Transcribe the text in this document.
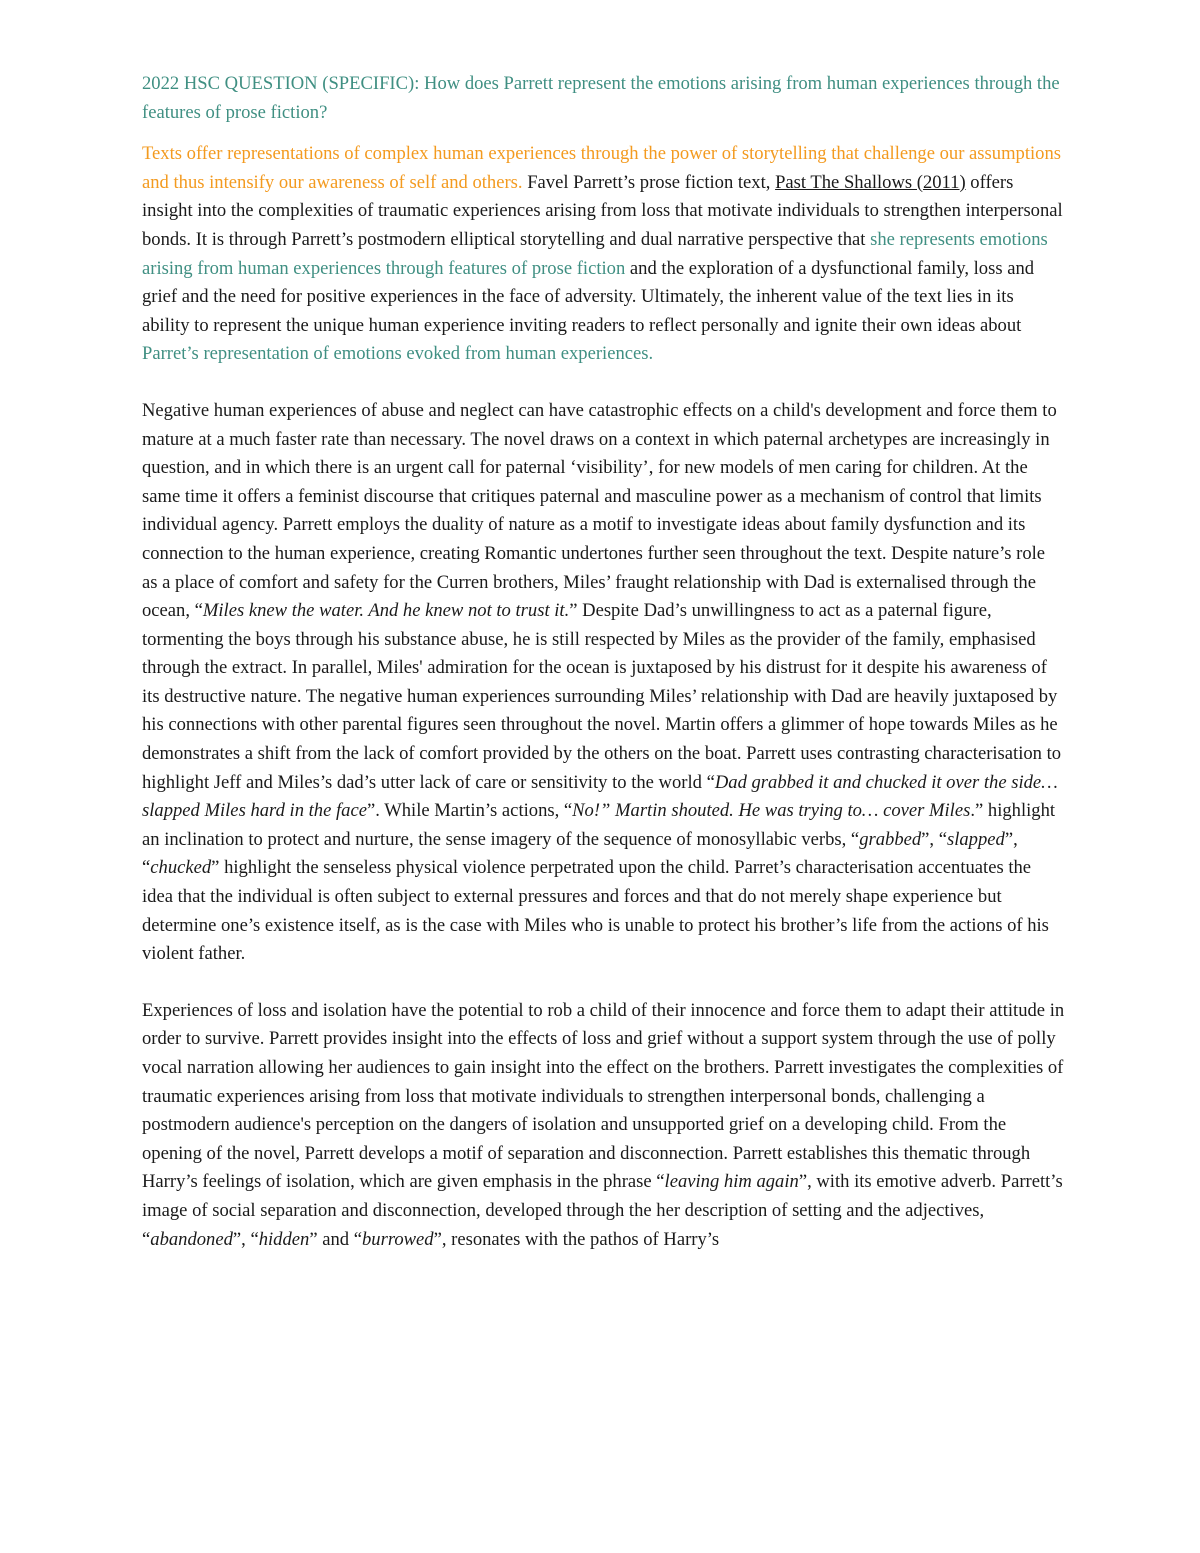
2022 HSC QUESTION (SPECIFIC): How does Parrett represent the emotions arising from human experiences through the features of prose fiction?

Texts offer representations of complex human experiences through the power of storytelling that challenge our assumptions and thus intensify our awareness of self and others. Favel Parrett’s prose fiction text, Past The Shallows (2011) offers insight into the complexities of traumatic experiences arising from loss that motivate individuals to strengthen interpersonal bonds. It is through Parrett’s postmodern elliptical storytelling and dual narrative perspective that she represents emotions arising from human experiences through features of prose fiction and the exploration of a dysfunctional family, loss and grief and the need for positive experiences in the face of adversity. Ultimately, the inherent value of the text lies in its ability to represent the unique human experience inviting readers to reflect personally and ignite their own ideas about Parret’s representation of emotions evoked from human experiences.

Negative human experiences of abuse and neglect can have catastrophic effects on a child's development and force them to mature at a much faster rate than necessary. The novel draws on a context in which paternal archetypes are increasingly in question, and in which there is an urgent call for paternal ‘visibility’, for new models of men caring for children. At the same time it offers a feminist discourse that critiques paternal and masculine power as a mechanism of control that limits individual agency. Parrett employs the duality of nature as a motif to investigate ideas about family dysfunction and its connection to the human experience, creating Romantic undertones further seen throughout the text. Despite nature’s role as a place of comfort and safety for the Curren brothers, Miles’ fraught relationship with Dad is externalised through the ocean, “Miles knew the water. And he knew not to trust it.” Despite Dad’s unwillingness to act as a paternal figure, tormenting the boys through his substance abuse, he is still respected by Miles as the provider of the family, emphasised through the extract. In parallel, Miles' admiration for the ocean is juxtaposed by his distrust for it despite his awareness of its destructive nature. The negative human experiences surrounding Miles’ relationship with Dad are heavily juxtaposed by his connections with other parental figures seen throughout the novel. Martin offers a glimmer of hope towards Miles as he demonstrates a shift from the lack of comfort provided by the others on the boat. Parrett uses contrasting characterisation to highlight Jeff and Miles’s dad’s utter lack of care or sensitivity to the world “Dad grabbed it and chucked it over the side… slapped Miles hard in the face”. While Martin’s actions, “No!” Martin shouted. He was trying to… cover Miles.” highlight an inclination to protect and nurture, the sense imagery of the sequence of monosyllabic verbs, “grabbed”, “slapped”, “chucked” highlight the senseless physical violence perpetrated upon the child. Parret’s characterisation accentuates the idea that the individual is often subject to external pressures and forces and that do not merely shape experience but determine one’s existence itself, as is the case with Miles who is unable to protect his brother’s life from the actions of his violent father.

Experiences of loss and isolation have the potential to rob a child of their innocence and force them to adapt their attitude in order to survive. Parrett provides insight into the effects of loss and grief without a support system through the use of polly vocal narration allowing her audiences to gain insight into the effect on the brothers. Parrett investigates the complexities of traumatic experiences arising from loss that motivate individuals to strengthen interpersonal bonds, challenging a postmodern audience's perception on the dangers of isolation and unsupported grief on a developing child. From the opening of the novel, Parrett develops a motif of separation and disconnection. Parrett establishes this thematic through Harry’s feelings of isolation, which are given emphasis in the phrase “leaving him again”, with its emotive adverb. Parrett’s image of social separation and disconnection, developed through the her description of setting and the adjectives, “abandoned”, “hidden” and “burrowed”, resonates with the pathos of Harry’s
